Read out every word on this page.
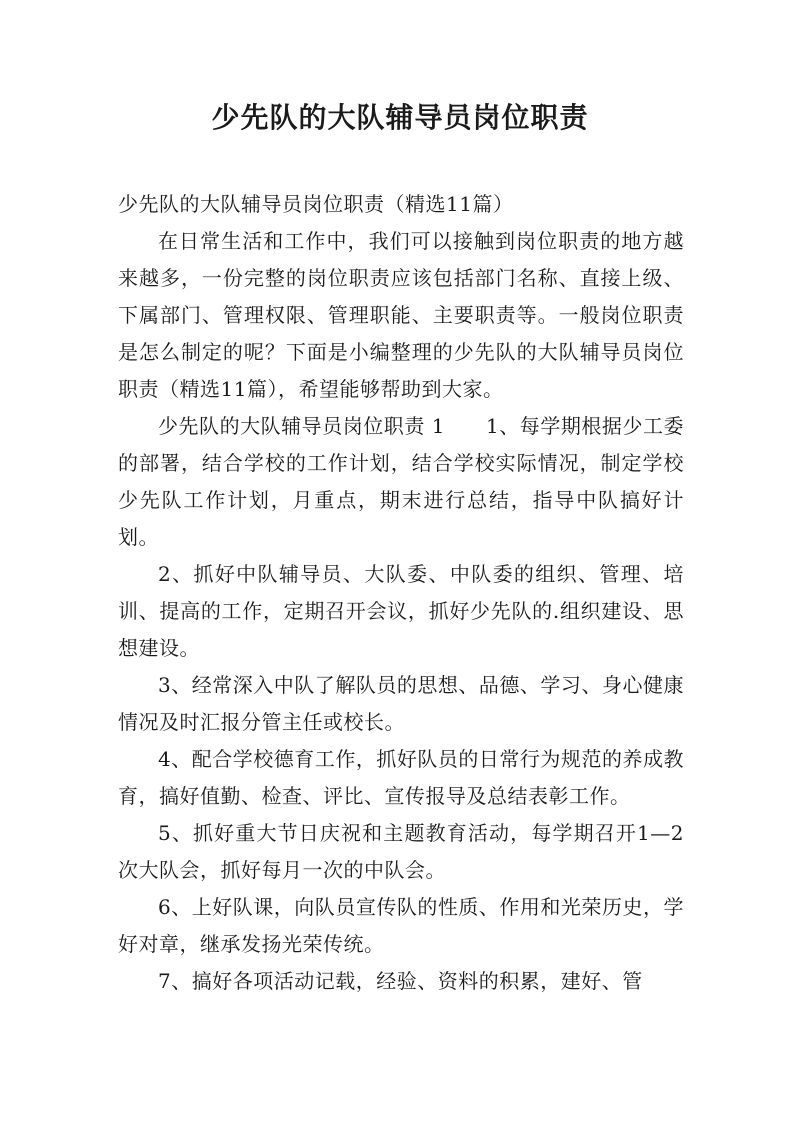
少先队的大队辅导员岗位职责

少先队的大队辅导员岗位职责（精选11篇）

在日常生活和工作中，我们可以接触到岗位职责的地方越来越多，一份完整的岗位职责应该包括部门名称、直接上级、下属部门、管理权限、管理职能、主要职责等。一般岗位职责是怎么制定的呢？下面是小编整理的少先队的大队辅导员岗位职责（精选11篇），希望能够帮助到大家。

少先队的大队辅导员岗位职责 1　　1、每学期根据少工委的部署，结合学校的工作计划，结合学校实际情况，制定学校少先队工作计划，月重点，期末进行总结，指导中队搞好计划。

2、抓好中队辅导员、大队委、中队委的组织、管理、培训、提高的工作，定期召开会议，抓好少先队的.组织建设、思想建设。

3、经常深入中队了解队员的思想、品德、学习、身心健康情况及时汇报分管主任或校长。

4、配合学校德育工作，抓好队员的日常行为规范的养成教育，搞好值勤、检查、评比、宣传报导及总结表彰工作。

5、抓好重大节日庆祝和主题教育活动，每学期召开1—2次大队会，抓好每月一次的中队会。

6、上好队课，向队员宣传队的性质、作用和光荣历史，学好对章，继承发扬光荣传统。

7、搞好各项活动记载，经验、资料的积累，建好、管
